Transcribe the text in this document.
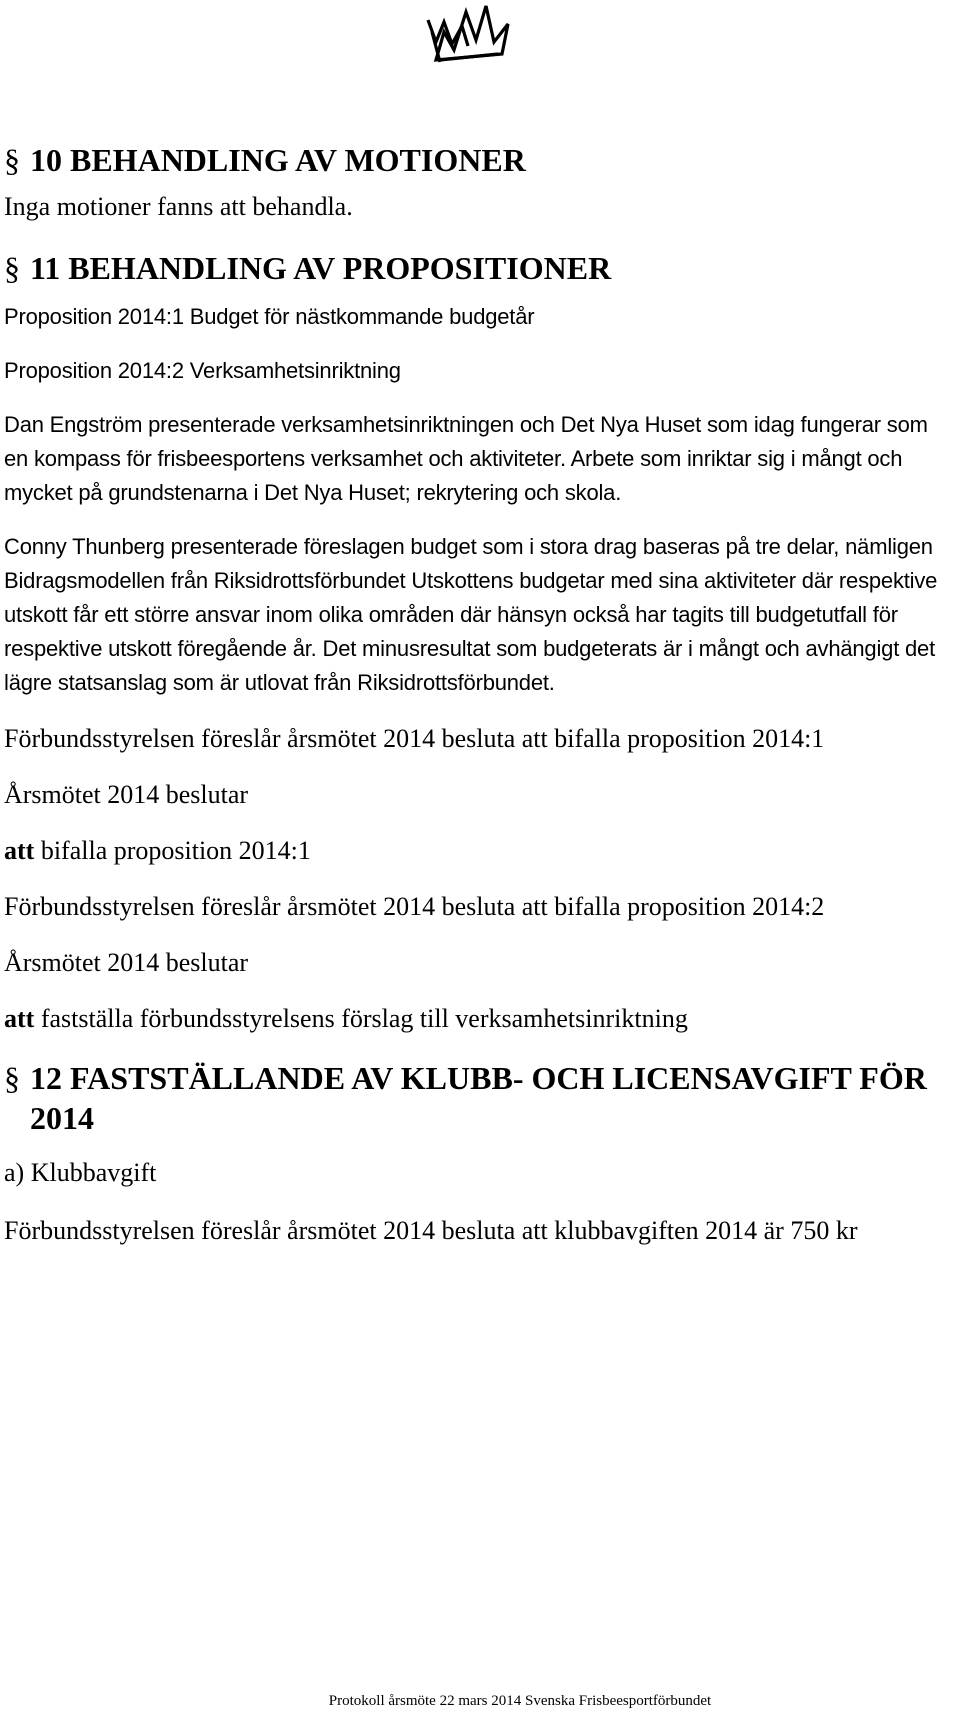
§ 10 BEHANDLING AV MOTIONER

Inga motioner fanns att behandla.

§ 11 BEHANDLING AV PROPOSITIONER

Proposition 2014:1 Budget för nästkommande budgetår

Proposition 2014:2 Verksamhetsinriktning

Dan Engström presenterade verksamhetsinriktningen och Det Nya Huset som idag fungerar som en kompass för frisbeesportens verksamhet och aktiviteter. Arbete som inriktar sig i mångt och mycket på grundstenarna i Det Nya Huset; rekrytering och skola.

Conny Thunberg presenterade föreslagen budget som i stora drag baseras på tre delar, nämligen Bidragsmodellen från Riksidrottsförbundet Utskottens budgetar med sina aktiviteter där respektive utskott får ett större ansvar inom olika områden där hänsyn också har tagits till budgetutfall för respektive utskott föregående år. Det minusresultat som budgeterats är i mångt och avhängigt det lägre statsanslag som är utlovat från Riksidrottsförbundet.

Förbundsstyrelsen föreslår årsmötet 2014 besluta att bifalla proposition 2014:1

Årsmötet 2014 beslutar

att bifalla proposition 2014:1

Förbundsstyrelsen föreslår årsmötet 2014 besluta att bifalla proposition 2014:2

Årsmötet 2014 beslutar

att fastställa förbundsstyrelsens förslag till verksamhetsinriktning

§ 12 FASTSTÄLLANDE AV KLUBB- OCH LICENSAVGIFT FÖR 2014

a) Klubbavgift

Förbundsstyrelsen föreslår årsmötet 2014 besluta att klubbavgiften 2014 är 750 kr

Protokoll årsmöte 22 mars 2014 Svenska Frisbeesportförbundet
